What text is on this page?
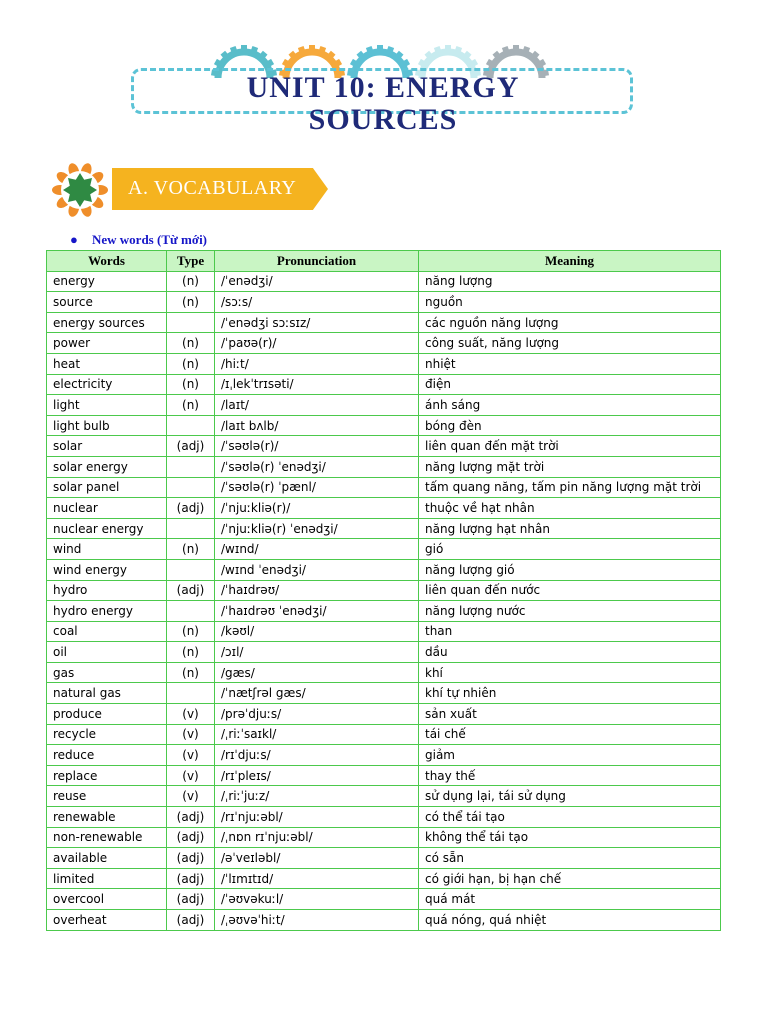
UNIT 10: ENERGY
SOURCES
A. VOCABULARY
● New words (Từ mới)
Words	Type	Pronunciation	Meaning
energy	(n)	/ˈenədʒi/	năng lượng
source	(n)	/sɔːs/	nguồn
energy sources		/ˈenədʒi sɔːsɪz/	các nguồn năng lượng
power	(n)	/ˈpaʊə(r)/	công suất, năng lượng
heat	(n)	/hiːt/	nhiệt
electricity	(n)	/ɪˌlekˈtrɪsəti/	điện
light	(n)	/laɪt/	ánh sáng
light bulb		/laɪt bʌlb/	bóng đèn
solar	(adj)	/ˈsəʊlə(r)/	liên quan đến mặt trời
solar energy		/ˈsəʊlə(r) ˈenədʒi/	năng lượng mặt trời
solar panel		/ˈsəʊlə(r) ˈpænl/	tấm quang năng, tấm pin năng lượng mặt trời
nuclear	(adj)	/ˈnjuːkliə(r)/	thuộc về hạt nhân
nuclear energy		/ˈnjuːkliə(r) ˈenədʒi/	năng lượng hạt nhân
wind	(n)	/wɪnd/	gió
wind energy		/wɪnd ˈenədʒi/	năng lượng gió
hydro	(adj)	/ˈhaɪdrəʊ/	liên quan đến nước
hydro energy		/ˈhaɪdrəʊ ˈenədʒi/	năng lượng nước
coal	(n)	/kəʊl/	than
oil	(n)	/ɔɪl/	dầu
gas	(n)	/gæs/	khí
natural gas		/ˈnætʃrəl gæs/	khí tự nhiên
produce	(v)	/prəˈdjuːs/	sản xuất
recycle	(v)	/ˌriːˈsaɪkl/	tái chế
reduce	(v)	/rɪˈdjuːs/	giảm
replace	(v)	/rɪˈpleɪs/	thay thế
reuse	(v)	/ˌriːˈjuːz/	sử dụng lại, tái sử dụng
renewable	(adj)	/rɪˈnjuːəbl/	có thể tái tạo
non-renewable	(adj)	/ˌnɒn rɪˈnjuːəbl/	không thể tái tạo
available	(adj)	/əˈveɪləbl/	có sẵn
limited	(adj)	/ˈlɪmɪtɪd/	có giới hạn, bị hạn chế
overcool	(adj)	/ˈəʊvəkuːl/	quá mát
overheat	(adj)	/ˌəʊvəˈhiːt/	quá nóng, quá nhiệt
